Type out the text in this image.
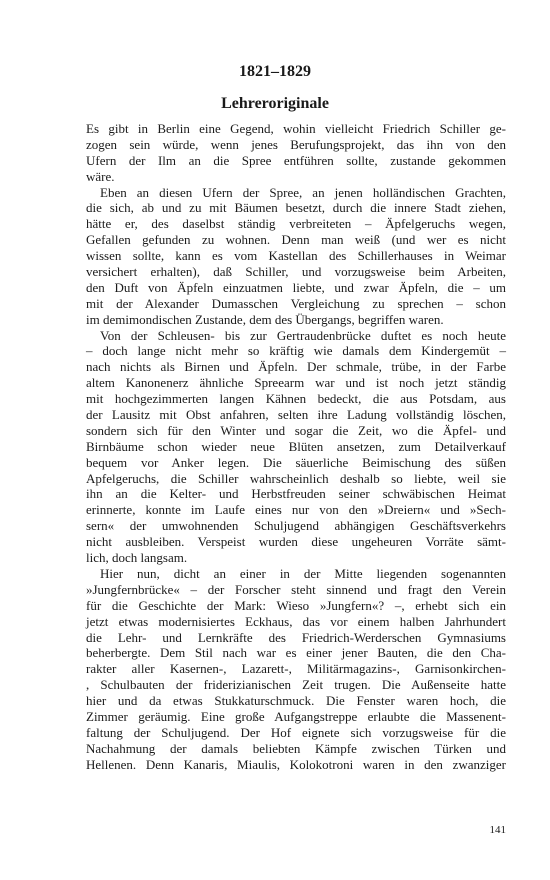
1821–1829
Lehreroriginale
Es gibt in Berlin eine Gegend, wohin vielleicht Friedrich Schiller ge-
zogen sein würde, wenn jenes Berufungsprojekt, das ihn von den
Ufern der Ilm an die Spree entführen sollte, zustande gekommen
wäre.
Eben an diesen Ufern der Spree, an jenen holländischen Grachten,
die sich, ab und zu mit Bäumen besetzt, durch die innere Stadt ziehen,
hätte er, des daselbst ständig verbreiteten – Äpfelgeruchs wegen,
Gefallen gefunden zu wohnen. Denn man weiß (und wer es nicht
wissen sollte, kann es vom Kastellan des Schillerhauses in Weimar
versichert erhalten), daß Schiller, und vorzugsweise beim Arbeiten,
den Duft von Äpfeln einzuatmen liebte, und zwar Äpfeln, die – um
mit der Alexander Dumasschen Vergleichung zu sprechen – schon
im demimondischen Zustande, dem des Übergangs, begriffen waren.
Von der Schleusen- bis zur Gertraudenbrücke duftet es noch heute
– doch lange nicht mehr so kräftig wie damals dem Kindergemüt –
nach nichts als Birnen und Äpfeln. Der schmale, trübe, in der Farbe
altem Kanonenerz ähnliche Spreearm war und ist noch jetzt ständig
mit hochgezimmerten langen Kähnen bedeckt, die aus Potsdam, aus
der Lausitz mit Obst anfahren, selten ihre Ladung vollständig löschen,
sondern sich für den Winter und sogar die Zeit, wo die Äpfel- und
Birnbäume schon wieder neue Blüten ansetzen, zum Detailverkauf
bequem vor Anker legen. Die säuerliche Beimischung des süßen
Apfelgeruchs, die Schiller wahrscheinlich deshalb so liebte, weil sie
ihn an die Kelter- und Herbstfreuden seiner schwäbischen Heimat
erinnerte, konnte im Laufe eines nur von den »Dreiern« und »Sech-
sern« der umwohnenden Schuljugend abhängigen Geschäftsverkehrs
nicht ausbleiben. Verspeist wurden diese ungeheuren Vorräte sämt-
lich, doch langsam.
Hier nun, dicht an einer in der Mitte liegenden sogenannten
»Jungfernbrücke« – der Forscher steht sinnend und fragt den Verein
für die Geschichte der Mark: Wieso »Jungfern«? –, erhebt sich ein
jetzt etwas modernisiertes Eckhaus, das vor einem halben Jahrhundert
die Lehr- und Lernkräfte des Friedrich-Werderschen Gymnasiums
beherbergte. Dem Stil nach war es einer jener Bauten, die den Cha-
rakter aller Kasernen-, Lazarett-, Militärmagazins-, Garnisonkirchen-
, Schulbauten der friderizianischen Zeit trugen. Die Außenseite hatte
hier und da etwas Stukkaturschmuck. Die Fenster waren hoch, die
Zimmer geräumig. Eine große Aufgangstreppe erlaubte die Massenent-
faltung der Schuljugend. Der Hof eignete sich vorzugsweise für die
Nachahmung der damals beliebten Kämpfe zwischen Türken und
Hellenen. Denn Kanaris, Miaulis, Kolokotroni waren in den zwanziger
141
